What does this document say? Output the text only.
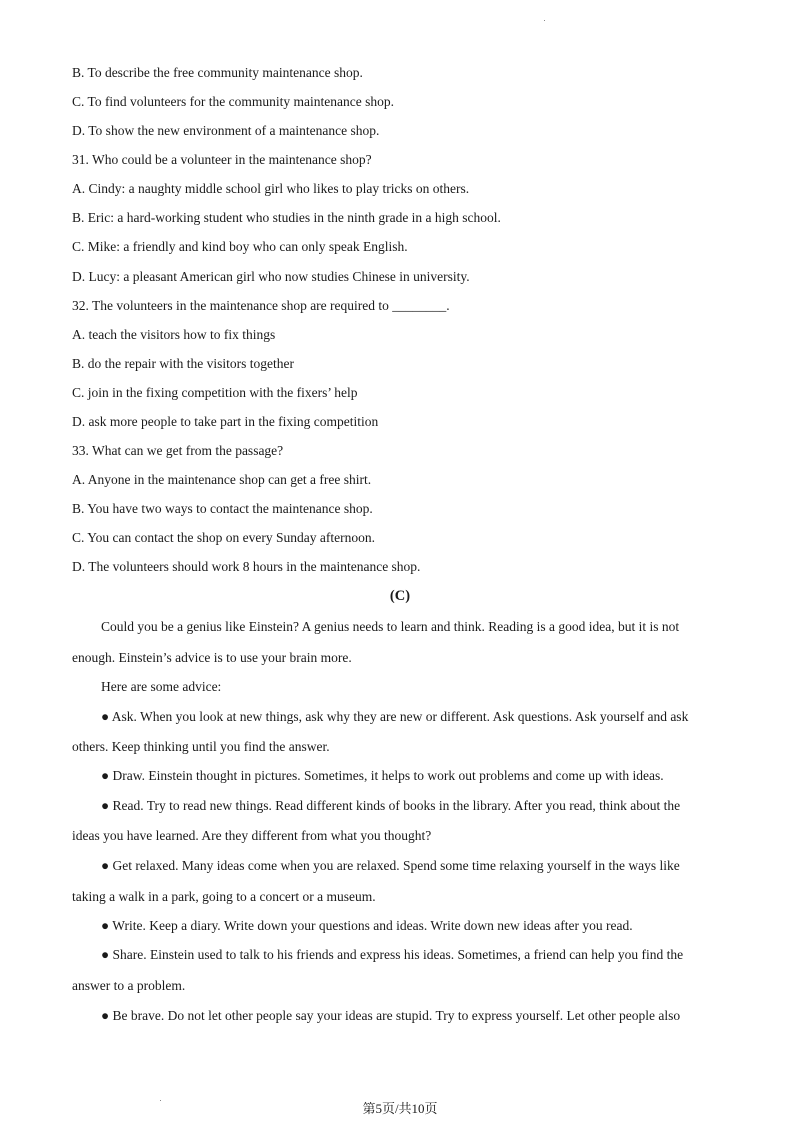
B. To describe the free community maintenance shop.
C. To find volunteers for the community maintenance shop.
D. To show the new environment of a maintenance shop.
31. Who could be a volunteer in the maintenance shop?
A. Cindy: a naughty middle school girl who likes to play tricks on others.
B. Eric: a hard-working student who studies in the ninth grade in a high school.
C. Mike: a friendly and kind boy who can only speak English.
D. Lucy: a pleasant American girl who now studies Chinese in university.
32. The volunteers in the maintenance shop are required to ________.
A. teach the visitors how to fix things
B. do the repair with the visitors together
C. join in the fixing competition with the fixers’ help
D. ask more people to take part in the fixing competition
33. What can we get from the passage?
A. Anyone in the maintenance shop can get a free shirt.
B. You have two ways to contact the maintenance shop.
C. You can contact the shop on every Sunday afternoon.
D. The volunteers should work 8 hours in the maintenance shop.
(C)
Could you be a genius like Einstein? A genius needs to learn and think. Reading is a good idea, but it is not
enough. Einstein’s advice is to use your brain more.
Here are some advice:
● Ask. When you look at new things, ask why they are new or different. Ask questions. Ask yourself and ask
others. Keep thinking until you find the answer.
● Draw. Einstein thought in pictures. Sometimes, it helps to work out problems and come up with ideas.
● Read. Try to read new things. Read different kinds of books in the library. After you read, think about the
ideas you have learned. Are they different from what you thought?
● Get relaxed. Many ideas come when you are relaxed. Spend some time relaxing yourself in the ways like
taking a walk in a park, going to a concert or a museum.
● Write. Keep a diary. Write down your questions and ideas. Write down new ideas after you read.
● Share. Einstein used to talk to his friends and express his ideas. Sometimes, a friend can help you find the
answer to a problem.
● Be brave. Do not let other people say your ideas are stupid. Try to express yourself. Let other people also
第5页/共10页
